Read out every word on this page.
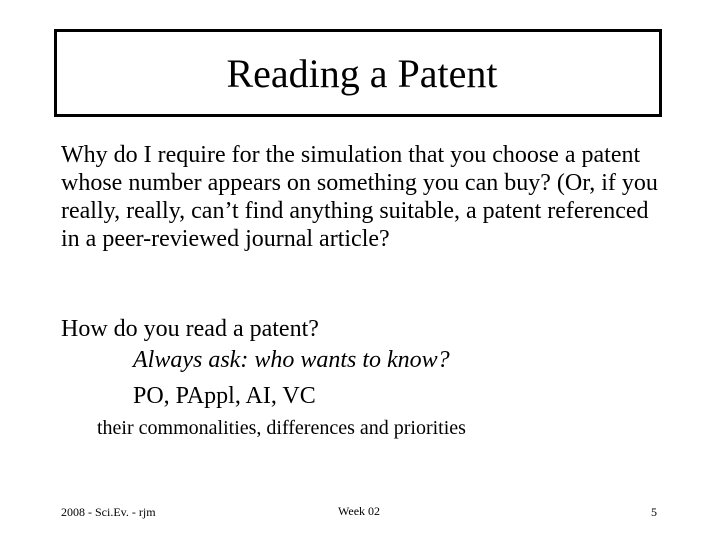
Reading a Patent
Why do I require for the simulation that you choose a patent whose number appears on something you can buy? (Or, if you really, really, can’t find anything suitable, a patent referenced in a peer-reviewed journal article?
How do you read a patent?
Always ask: who wants to know?
PO, PAppl, AI, VC
their commonalities, differences and priorities
2008 - Sci.Ev. - rjm	Week 02	5
